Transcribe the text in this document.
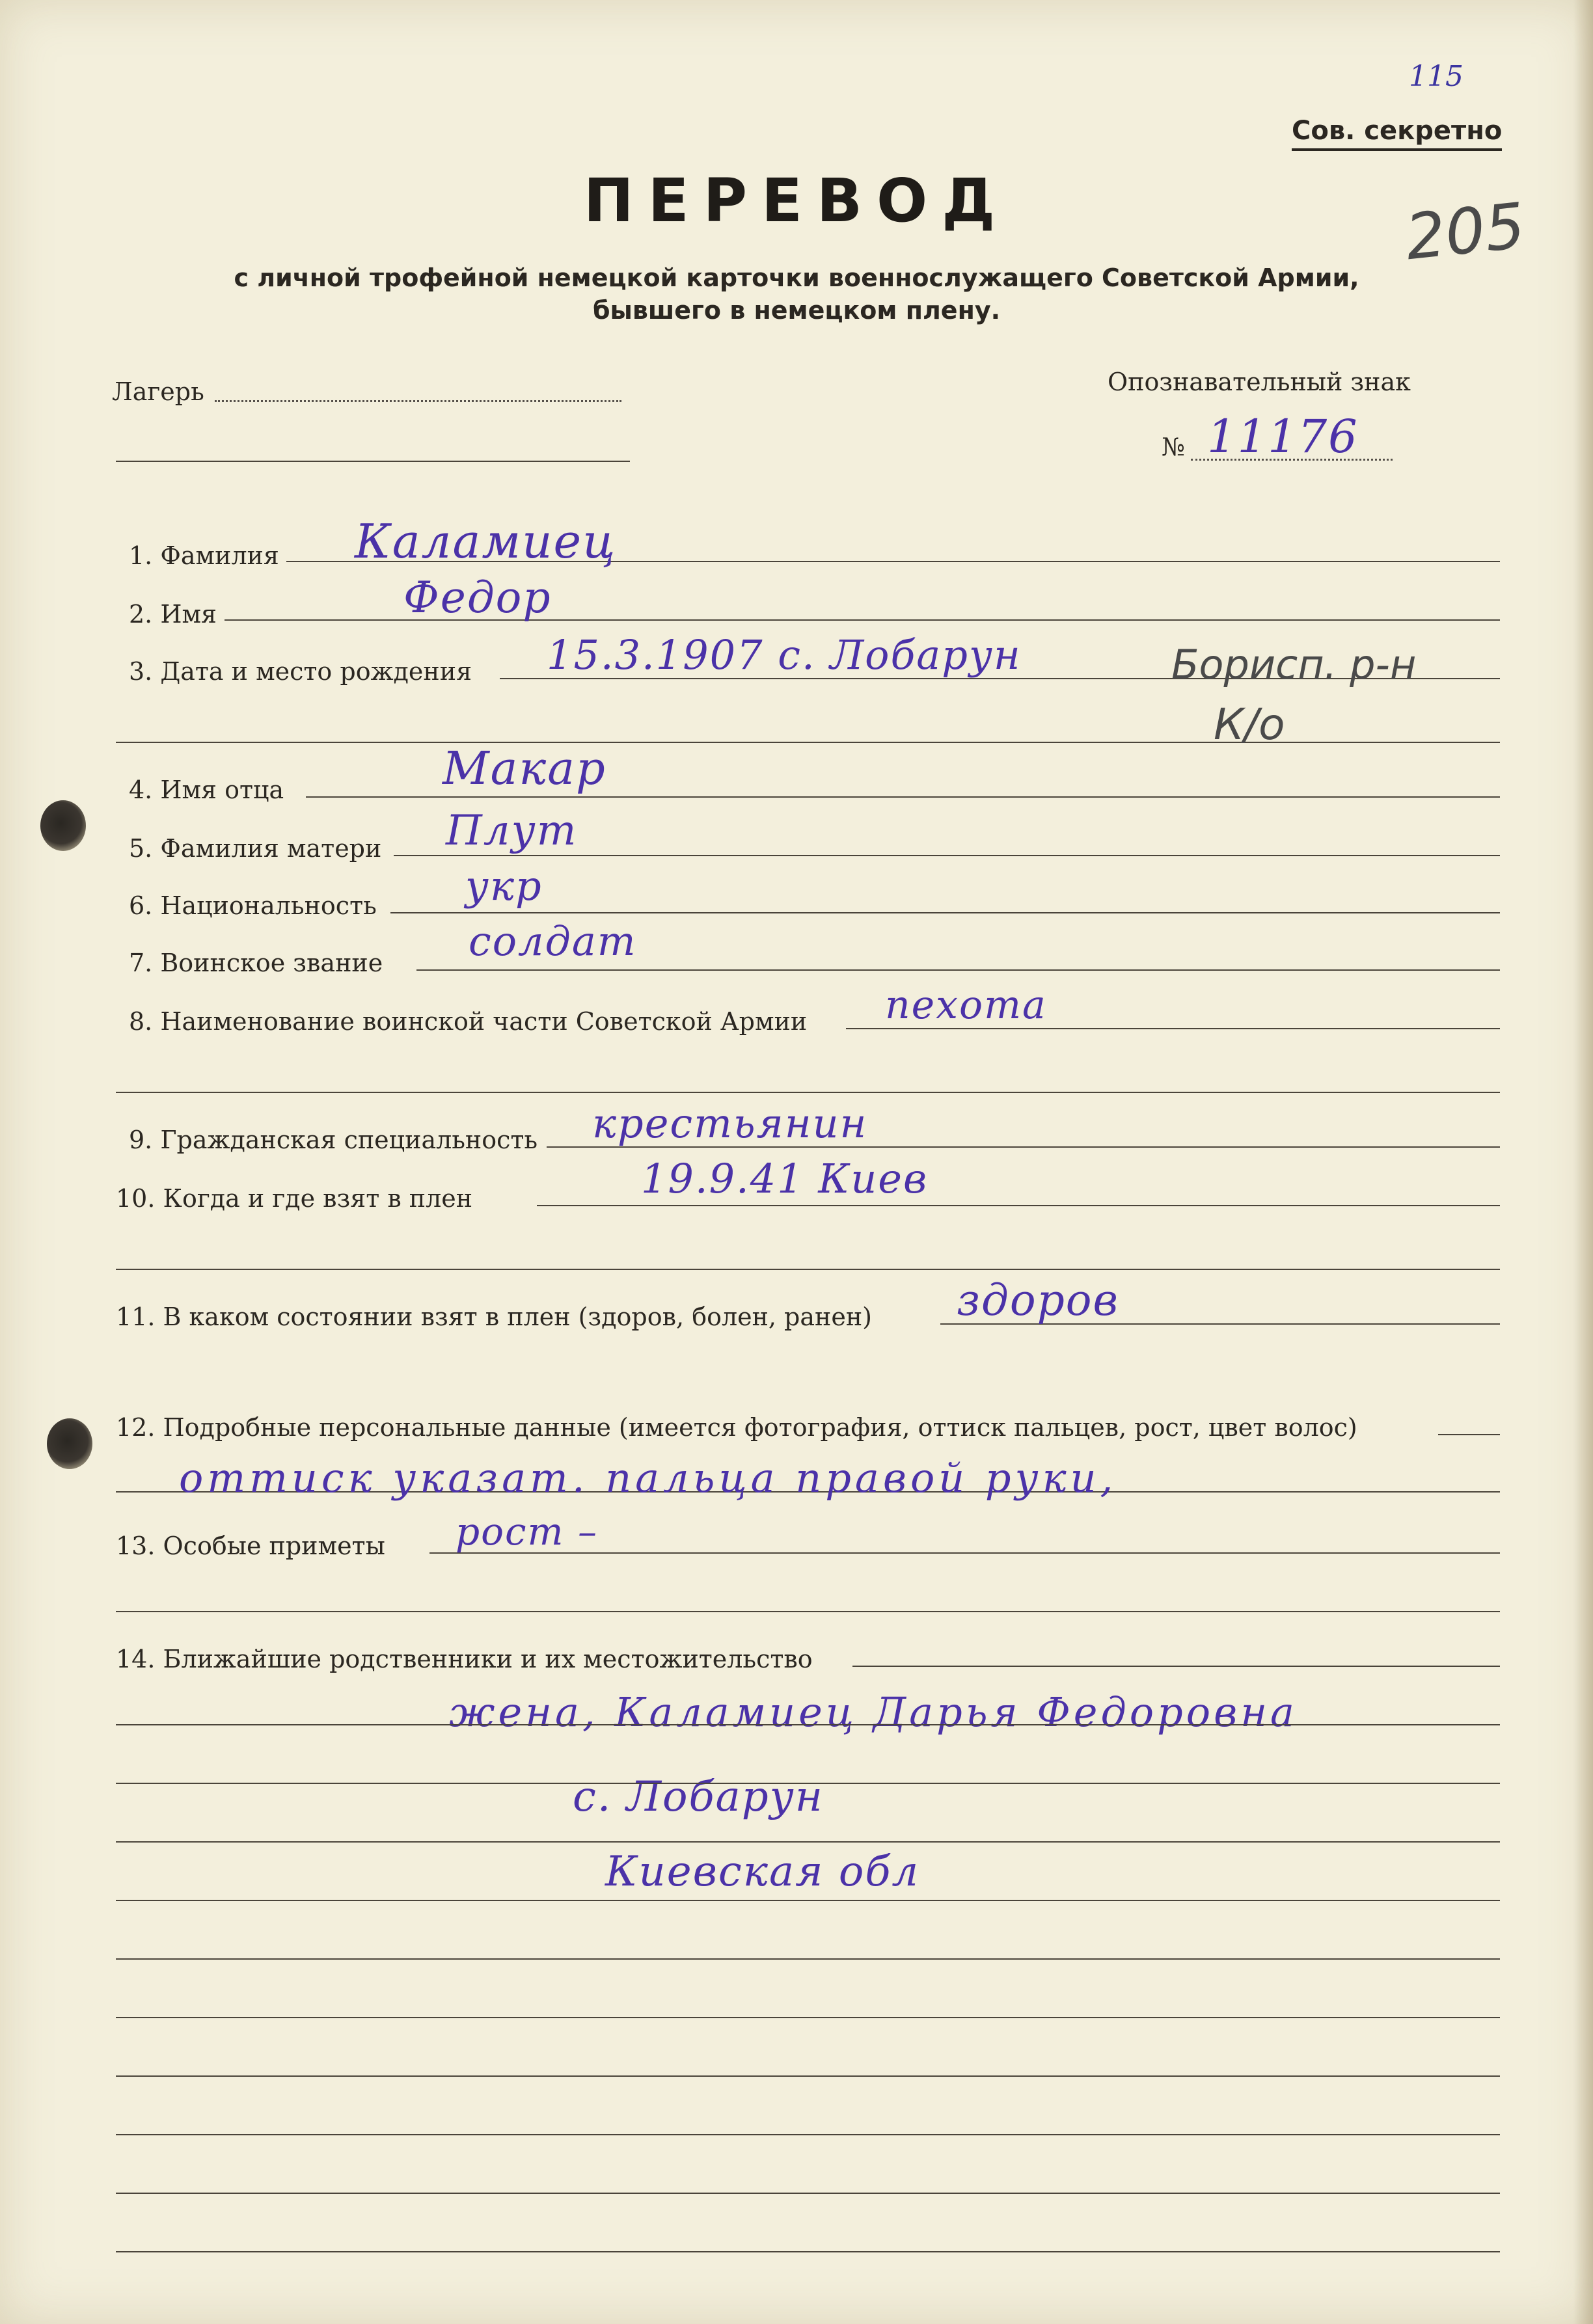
115
Сов. секретно
205
ПЕРЕВОД
с личной трофейной немецкой карточки военнослужащего Советской Армии,
бывшего в немецком плену.
Лагерь	Опознавательный знак
№ 11176
1. Фамилия Каламиец
2. Имя	Федор
3. Дата и место рождения 15.3.1907 с. Лобарун	Борисп. р-н
К/о
4. Имя отца	Макар
5. Фамилия матери Плут
6. Национальность укр
7. Воинское звание солдат
8. Наименование воинской части Советской Армии пехота
9. Гражданская специальность крестьянин
10. Когда и где взят в плен	19.9.41 Киев
11. В каком состоянии взят в плен (здоров, болен, ранен) здоров
12. Подробные персональные данные (имеется фотография, оттиск пальцев, рост, цвет волос)
оттиск указат. пальца правой руки,
13. Особые приметы рост –
14. Ближайшие родственники и их местожительство
жена, Каламиец Дарья Федоровна
с. Лобарун
Киевская обл
